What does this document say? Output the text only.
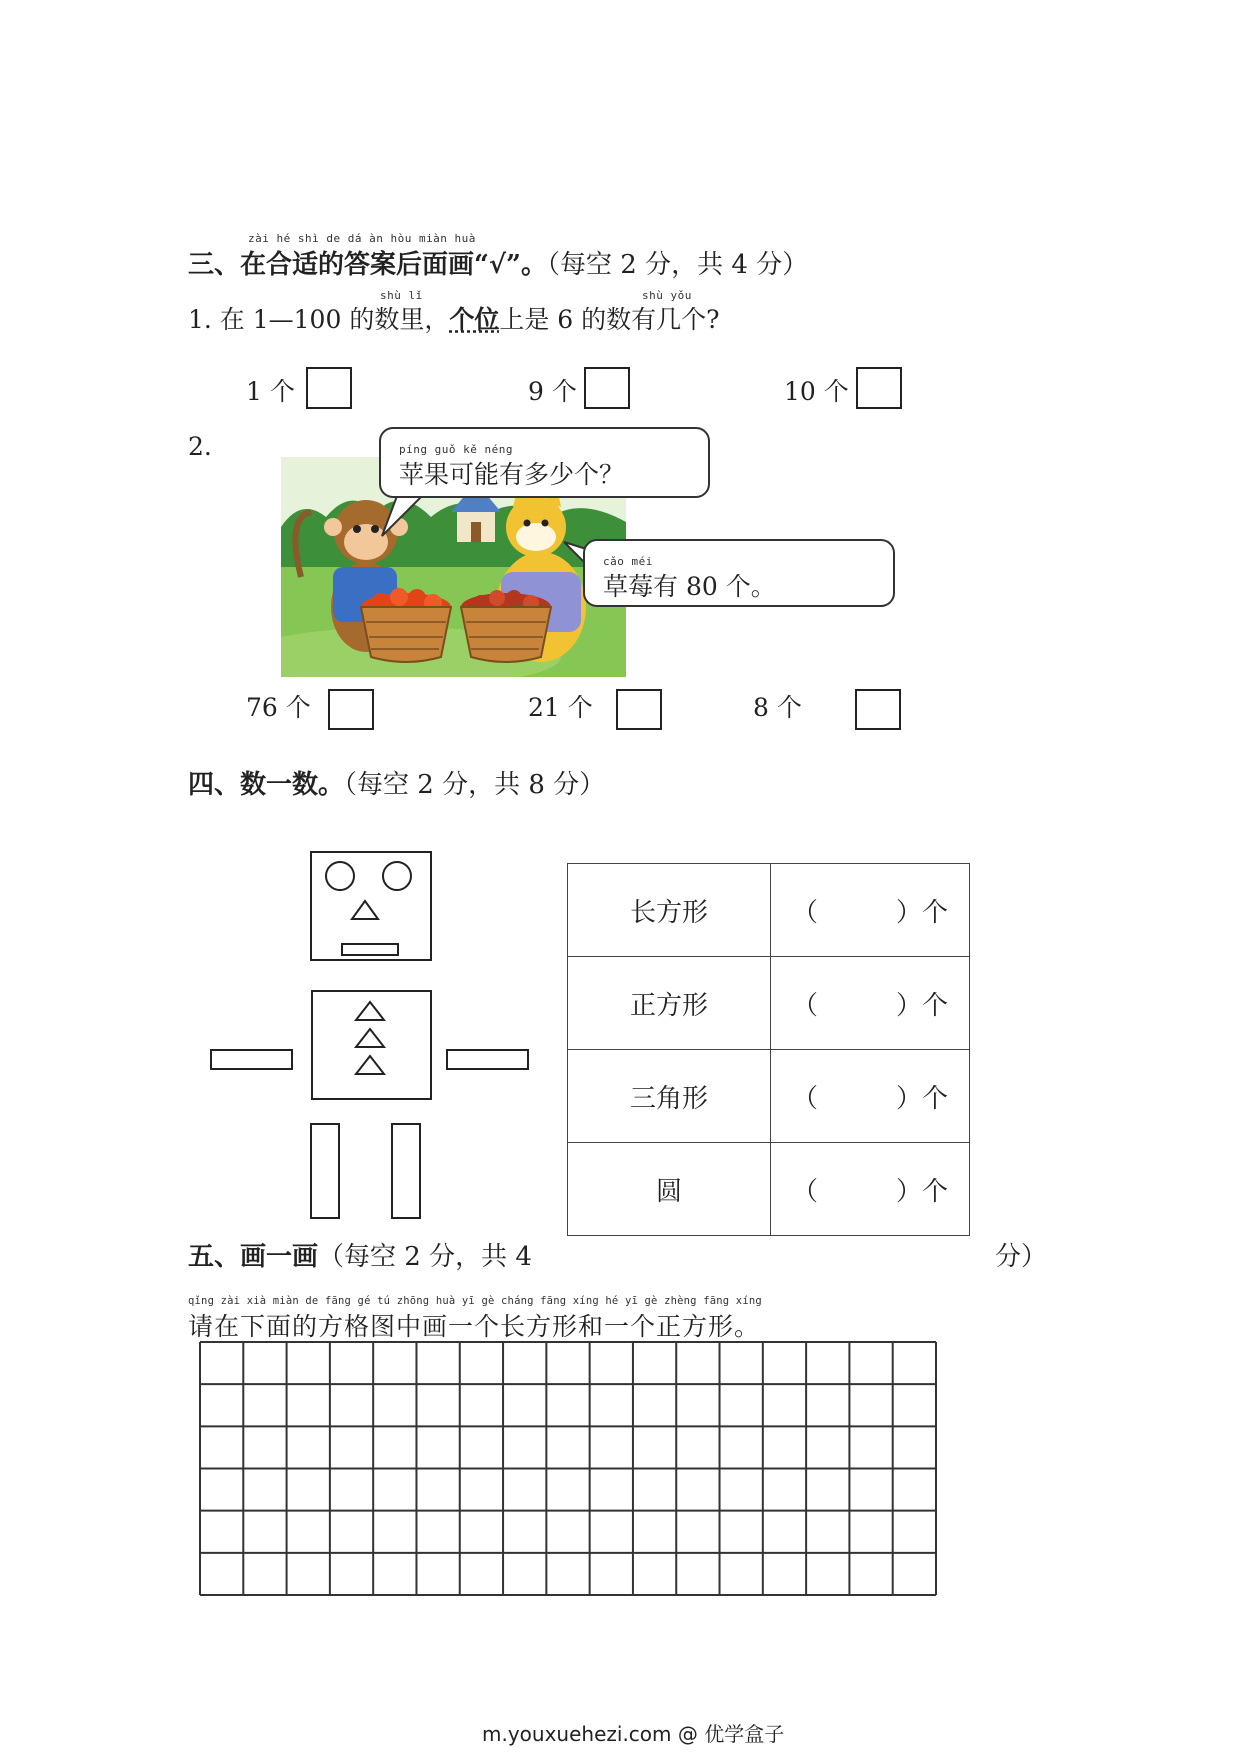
zài hé shì de dá àn hòu miàn huà
三、在合适的答案后面画“√”。（每空 2 分，共 4 分）
shù lǐ	shù yǒu
1. 在 1—100 的数里，个位上是 6 的数有几个?
1 个	9 个	10 个
2.	píng guǒ kě néng
苹果可能有多少个？
cǎo méi
草莓有 80 个。
76 个	21 个	8 个
四、数一数。（每空 2 分，共 8 分）
长方形	（　　　）个
正方形	（　　　）个
三角形	（　　　）个
圆	（　　　）个
五、画一画（每空 2 分，共 4	分）
qǐng zài xià miàn de fāng gé tú zhōng huà yī gè cháng fāng xíng hé yī gè zhèng fāng xíng
请在下面的方格图中画一个长方形和一个正方形。
m.youxuehezi.com @ 优学盒子
